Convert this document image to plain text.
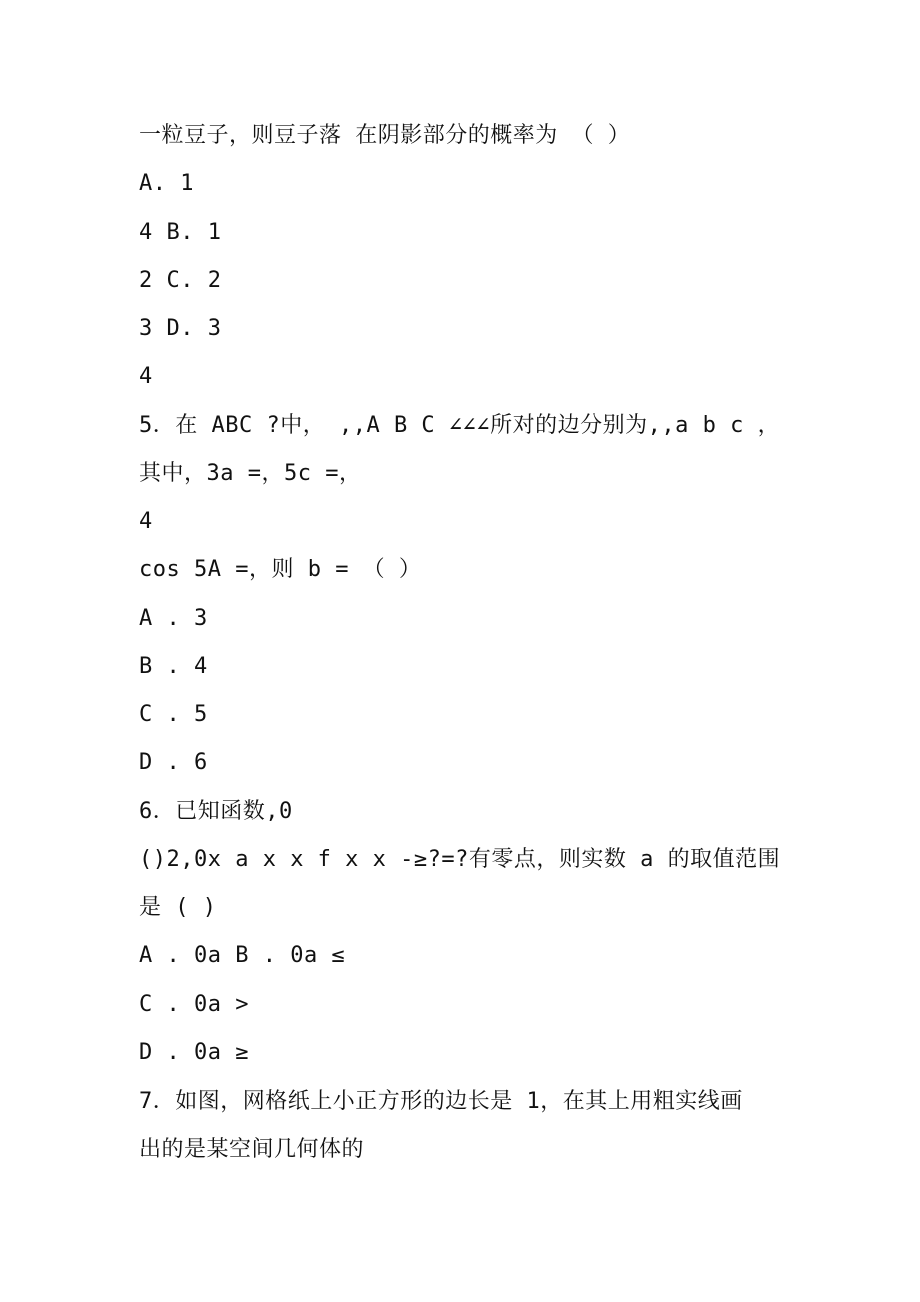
一粒豆子，则豆子落 在阴影部分的概率为 （ ）
A. 1
4 B. 1
2 C. 2
3 D. 3
4
5．在 ABC ?中， ,,A B C ∠∠∠所对的边分别为,,a b c ，
其中，3a =，5c =，
4
cos 5A =，则 b = （ ）
A . 3
B . 4
C . 5
D . 6
6．已知函数,0
()2,0x a x x f x x -≥?=?有零点，则实数 a 的取值范围
是 ( )
A . 0a B . 0a ≤
C . 0a >
D . 0a ≥
7．如图，网格纸上小正方形的边长是 1，在其上用粗实线画
出的是某空间几何体的
